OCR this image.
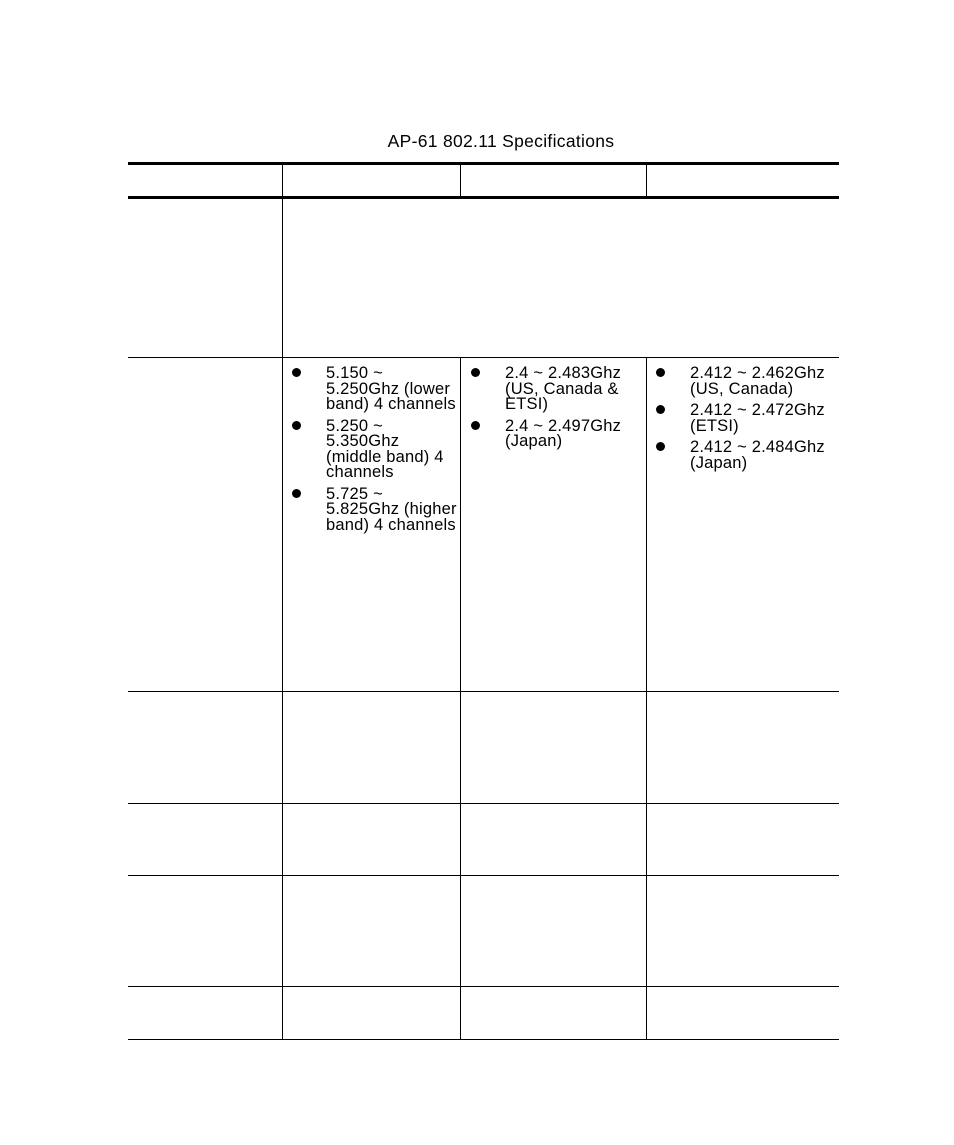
AP-61 802.11 Specifications
5.150 ~ 5.250Ghz (lower band) 4 channels
5.250 ~ 5.350Ghz (middle band) 4 channels
5.725 ~ 5.825Ghz (higher band) 4 channels
2.4 ~ 2.483Ghz (US, Canada & ETSI)
2.4 ~ 2.497Ghz (Japan)
2.412 ~ 2.462Ghz (US, Canada)
2.412 ~ 2.472Ghz (ETSI)
2.412 ~ 2.484Ghz (Japan)
